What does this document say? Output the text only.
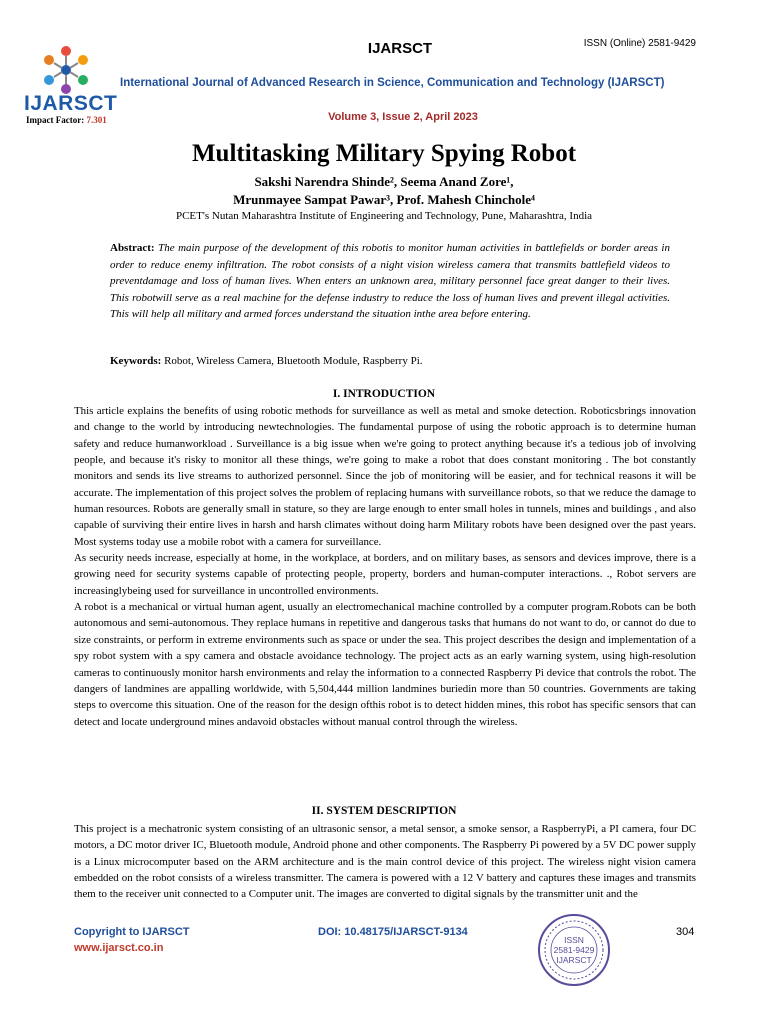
IJARSCT
Impact Factor: 7.301
IJARSCT	ISSN (Online) 2581-9429
International Journal of Advanced Research in Science, Communication and Technology (IJARSCT)
Volume 3, Issue 2, April 2023
Multitasking Military Spying Robot
Sakshi Narendra Shinde², Seema Anand Zore¹,
Mrunmayee Sampat Pawar³, Prof. Mahesh Chinchole⁴
PCET's Nutan Maharashtra Institute of Engineering and Technology, Pune, Maharashtra, India
Abstract: The main purpose of the development of this robotis to monitor human activities in battlefields or border areas in order to reduce enemy infiltration. The robot consists of a night vision wireless camera that transmits battlefield videos to preventdamage and loss of human lives. When enters an unknown area, military personnel face great danger to their lives. This robotwill serve as a real machine for the defense industry to reduce the loss of human lives and prevent illegal activities. This will help all military and armed forces understand the situation inthe area before entering.
Keywords: Robot, Wireless Camera, Bluetooth Module, Raspberry Pi.
I. INTRODUCTION

This article explains the benefits of using robotic methods for surveillance as well as metal and smoke detection. Roboticsbrings innovation and change to the world by introducing newtechnologies. The fundamental purpose of using the robotic approach is to determine human safety and reduce humanworkload . Surveillance is a big issue when we're going to protect anything because it's a tedious job of involving people, and because it's risky to monitor all these things, we're going to make a robot that does constant monitoring . The bot constantly monitors and sends its live streams to authorized personnel. Since the job of monitoring will be easier, and for technical reasons it will be accurate. The implementation of this project solves the problem of replacing humans with surveillance robots, so that we reduce the damage to human resources. Robots are generally small in stature, so they are large enough to enter small holes in tunnels, mines and buildings , and also capable of surviving their entire lives in harsh and harsh climates without doing harm Military robots have been designed over the past years. Most systems today use a mobile robot with a camera for surveillance.

As security needs increase, especially at home, in the workplace, at borders, and on military bases, as sensors and devices improve, there is a growing need for security systems capable of protecting people, property, borders and human-computer interactions. ., Robot servers are increasinglybeing used for surveillance in uncontrolled environments.

A robot is a mechanical or virtual human agent, usually an electromechanical machine controlled by a computer program.Robots can be both autonomous and semi-autonomous. They replace humans in repetitive and dangerous tasks that humans do not want to do, or cannot do due to size constraints, or perform in extreme environments such as space or under the sea. This project describes the design and implementation of a spy robot system with a spy camera and obstacle avoidance technology. The project acts as an early warning system, using high-resolution cameras to continuously monitor harsh environments and relay the information to a connected Raspberry Pi device that controls the robot. The dangers of landmines are appalling worldwide, with 5,504,444 million landmines buriedin more than 50 countries. Governments are taking steps to overcome this situation. One of the reason for the design ofthis robot is to detect hidden mines, this robot has specific sensors that can detect and locate underground mines andavoid obstacles without manual control through the wireless.

II. SYSTEM DESCRIPTION

This project is a mechatronic system consisting of an ultrasonic sensor, a metal sensor, a smoke sensor, a RaspberryPi, a PI camera, four DC motors, a DC motor driver IC, Bluetooth module, Android phone and other components. The Raspberry Pi powered by a 5V DC power supply is a Linux microcomputer based on the ARM architecture and is the main control device of this project. The wireless night vision camera embedded on the robot consists of a wireless transmitter. The camera is powered with a 12 V battery and captures these images and transmits them to the receiver unit connected to a Computer unit. The images are converted to digital signals by the transmitter unit and the

Copyright to IJARSCT
www.ijarsct.co.in
DOI: 10.48175/IJARSCT-9134	304
ISSN
2581-9429
IJARSCT
